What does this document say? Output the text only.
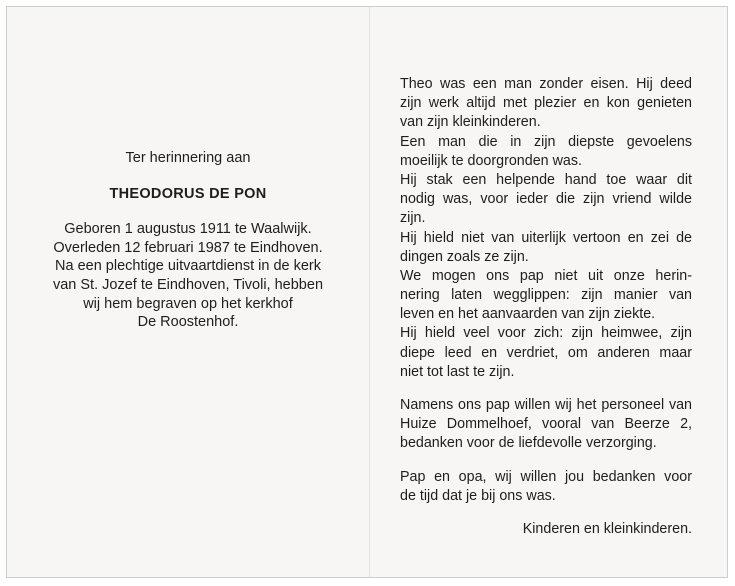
Ter herinnering aan
THEODORUS DE PON
Geboren 1 augustus 1911 te Waalwijk.
Overleden 12 februari 1987 te Eindhoven.
Na een plechtige uitvaartdienst in de kerk
van St. Jozef te Eindhoven, Tivoli, hebben
wij hem begraven op het kerkhof
De Roostenhof.
Theo was een man zonder eisen. Hij deed
zijn werk altijd met plezier en kon genieten
van zijn kleinkinderen.
Een man die in zijn diepste gevoelens
moeilijk te doorgronden was.
Hij stak een helpende hand toe waar dit
nodig was, voor ieder die zijn vriend wilde
zijn.
Hij hield niet van uiterlijk vertoon en zei de
dingen zoals ze zijn.
We mogen ons pap niet uit onze herin-
nering laten wegglippen: zijn manier van
leven en het aanvaarden van zijn ziekte.
Hij hield veel voor zich: zijn heimwee, zijn
diepe leed en verdriet, om anderen maar
niet tot last te zijn.
Namens ons pap willen wij het personeel van
Huize Dommelhoef, vooral van Beerze 2,
bedanken voor de liefdevolle verzorging.
Pap en opa, wij willen jou bedanken voor
de tijd dat je bij ons was.
Kinderen en kleinkinderen.
